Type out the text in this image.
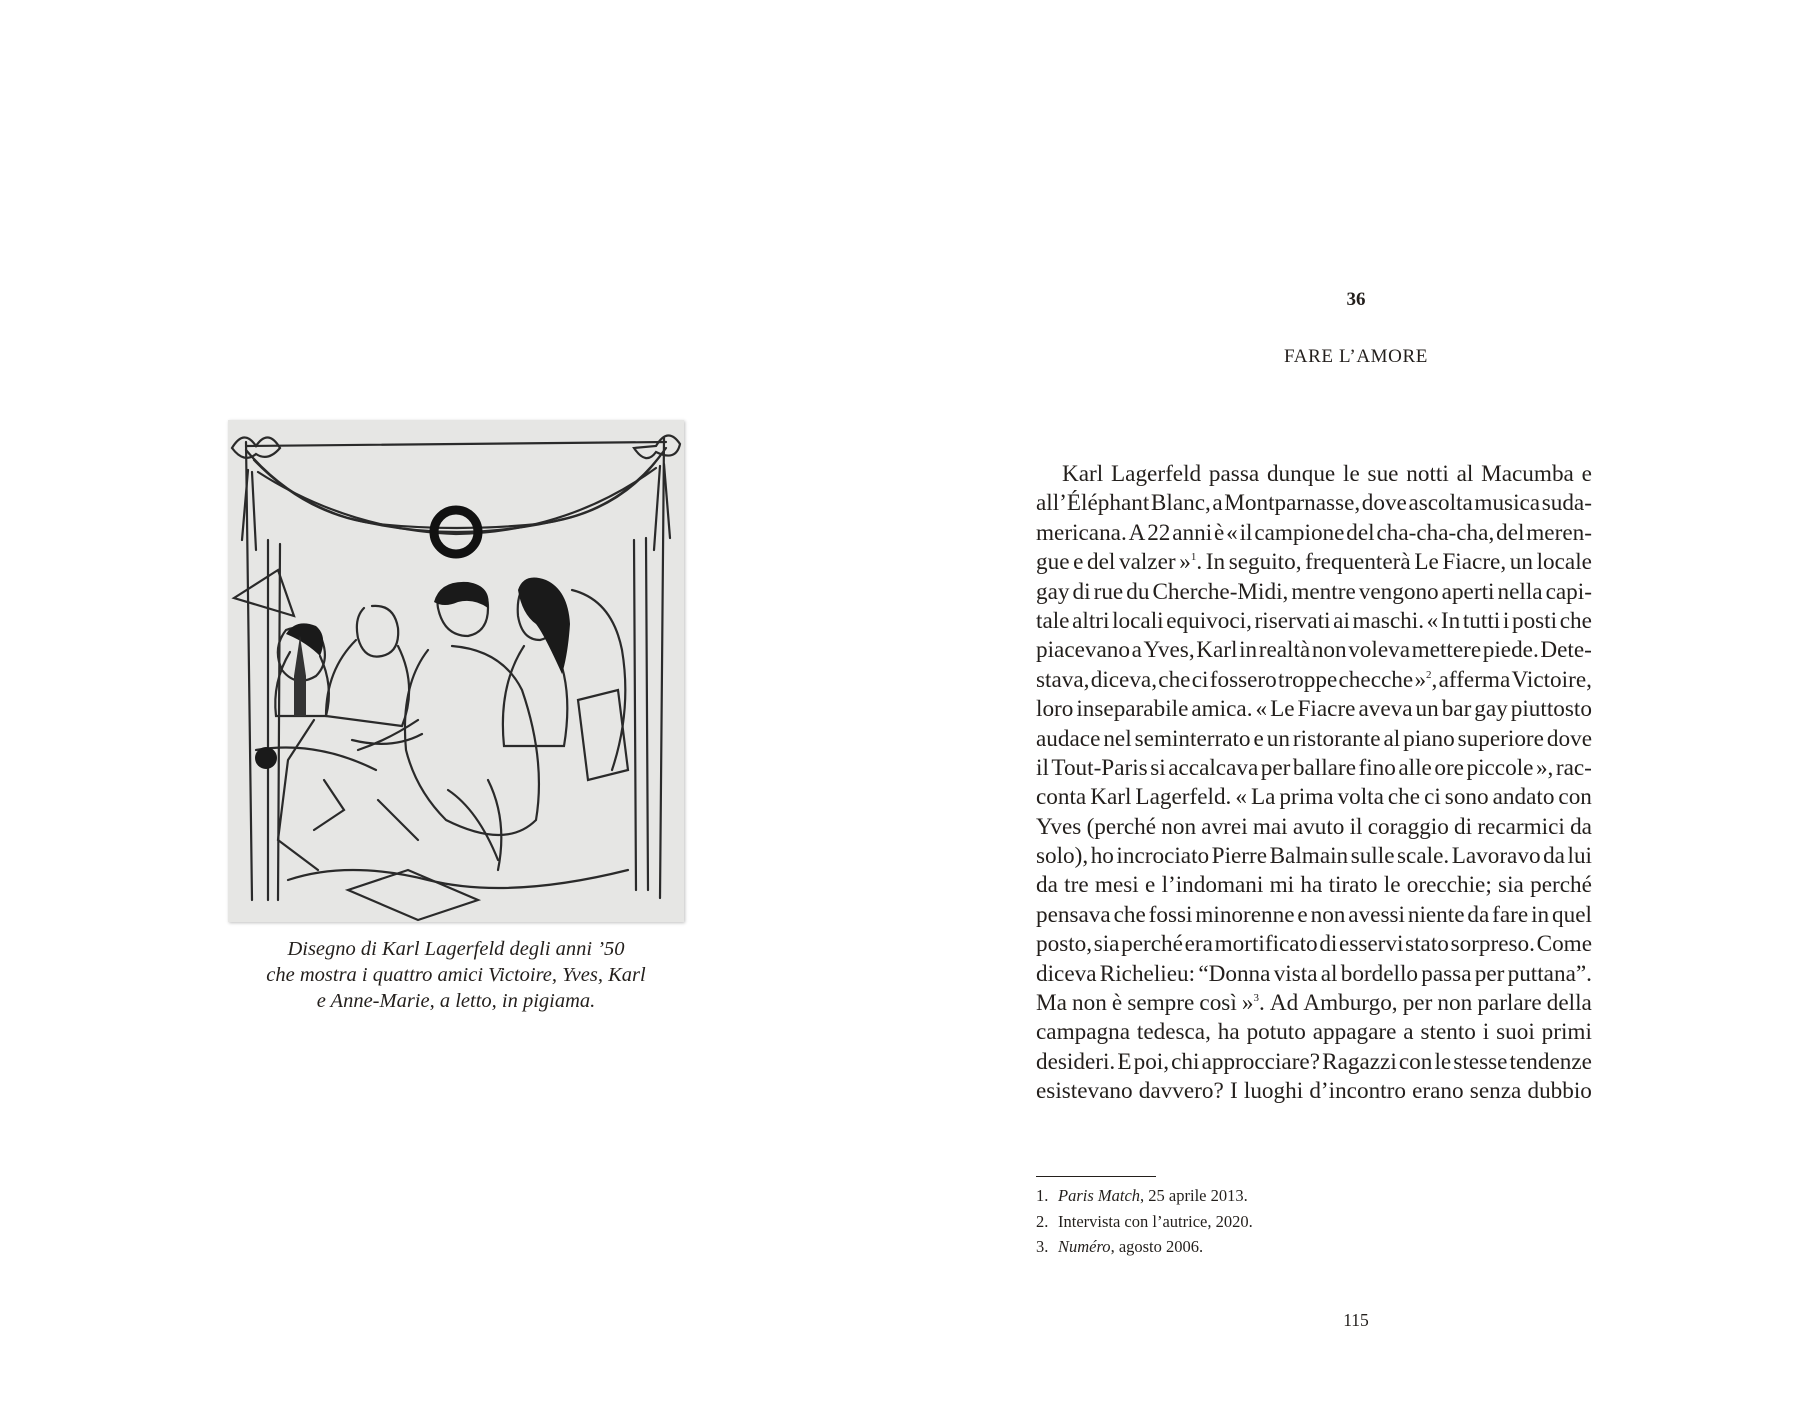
Disegno di Karl Lagerfeld degli anni ’50
che mostra i quattro amici Victoire, Yves, Karl
e Anne-Marie, a letto, in pigiama.
36
FARE L’AMORE
Karl Lagerfeld passa dunque le sue notti al Macumba e
all’Éléphant Blanc, a Montparnasse, dove ascolta musica suda-
mericana. A 22 anni è « il campione del cha-cha-cha, del meren-
gue e del valzer »$^1$. In seguito, frequenterà Le Fiacre, un locale
gay di rue du Cherche-Midi, mentre vengono aperti nella capi-
tale altri locali equivoci, riservati ai maschi. « In tutti i posti che
piacevano a Yves, Karl in realtà non voleva mettere piede. Dete-
stava, diceva, che ci fossero troppe checche »$^2$, afferma Victoire,
loro inseparabile amica. « Le Fiacre aveva un bar gay piuttosto
audace nel seminterrato e un ristorante al piano superiore dove
il Tout-Paris si accalcava per ballare fino alle ore piccole », rac-
conta Karl Lagerfeld. « La prima volta che ci sono andato con
Yves (perché non avrei mai avuto il coraggio di recarmici da
solo), ho incrociato Pierre Balmain sulle scale. Lavoravo da lui
da tre mesi e l’indomani mi ha tirato le orecchie; sia perché
pensava che fossi minorenne e non avessi niente da fare in quel
posto, sia perché era mortificato di esservi stato sorpreso. Come
diceva Richelieu: “Donna vista al bordello passa per puttana”.
Ma non è sempre così »$^3$. Ad Amburgo, per non parlare della
campagna tedesca, ha potuto appagare a stento i suoi primi
desideri. E poi, chi approcciare? Ragazzi con le stesse tendenze
esistevano davvero? I luoghi d’incontro erano senza dubbio
1. Paris Match, 25 aprile 2013.
2. Intervista con l’autrice, 2020.
3. Numéro, agosto 2006.
115
